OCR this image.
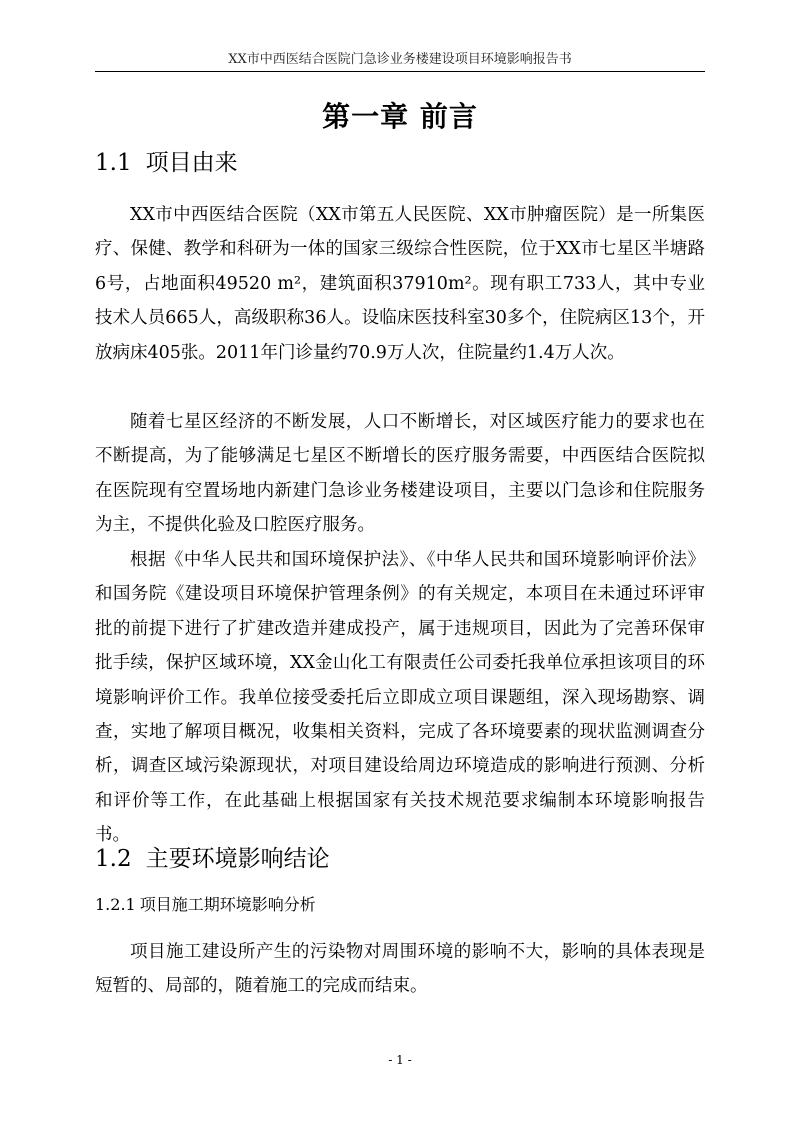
XX市中西医结合医院门急诊业务楼建设项目环境影响报告书
第一章 前言
1.1 项目由来

XX市中西医结合医院（XX市第五人民医院、XX市肿瘤医院）是一所集医疗、保健、教学和科研为一体的国家三级综合性医院，位于XX市七星区半塘路6号，占地面积49520 m²，建筑面积37910m²。现有职工733人，其中专业技术人员665人，高级职称36人。设临床医技科室30多个，住院病区13个，开放病床405张。2011年门诊量约70.9万人次，住院量约1.4万人次。

随着七星区经济的不断发展，人口不断增长，对区域医疗能力的要求也在不断提高，为了能够满足七星区不断增长的医疗服务需要，中西医结合医院拟在医院现有空置场地内新建门急诊业务楼建设项目，主要以门急诊和住院服务为主，不提供化验及口腔医疗服务。

根据《中华人民共和国环境保护法》、《中华人民共和国环境影响评价法》和国务院《建设项目环境保护管理条例》的有关规定，本项目在未通过环评审批的前提下进行了扩建改造并建成投产，属于违规项目，因此为了完善环保审批手续，保护区域环境，XX金山化工有限责任公司委托我单位承担该项目的环境影响评价工作。我单位接受委托后立即成立项目课题组，深入现场勘察、调查，实地了解项目概况，收集相关资料，完成了各环境要素的现状监测调查分析，调查区域污染源现状，对项目建设给周边环境造成的影响进行预测、分析和评价等工作，在此基础上根据国家有关技术规范要求编制本环境影响报告书。

1.2 主要环境影响结论
1.2.1 项目施工期环境影响分析

项目施工建设所产生的污染物对周围环境的影响不大，影响的具体表现是短暂的、局部的，随着施工的完成而结束。

- 1 -
